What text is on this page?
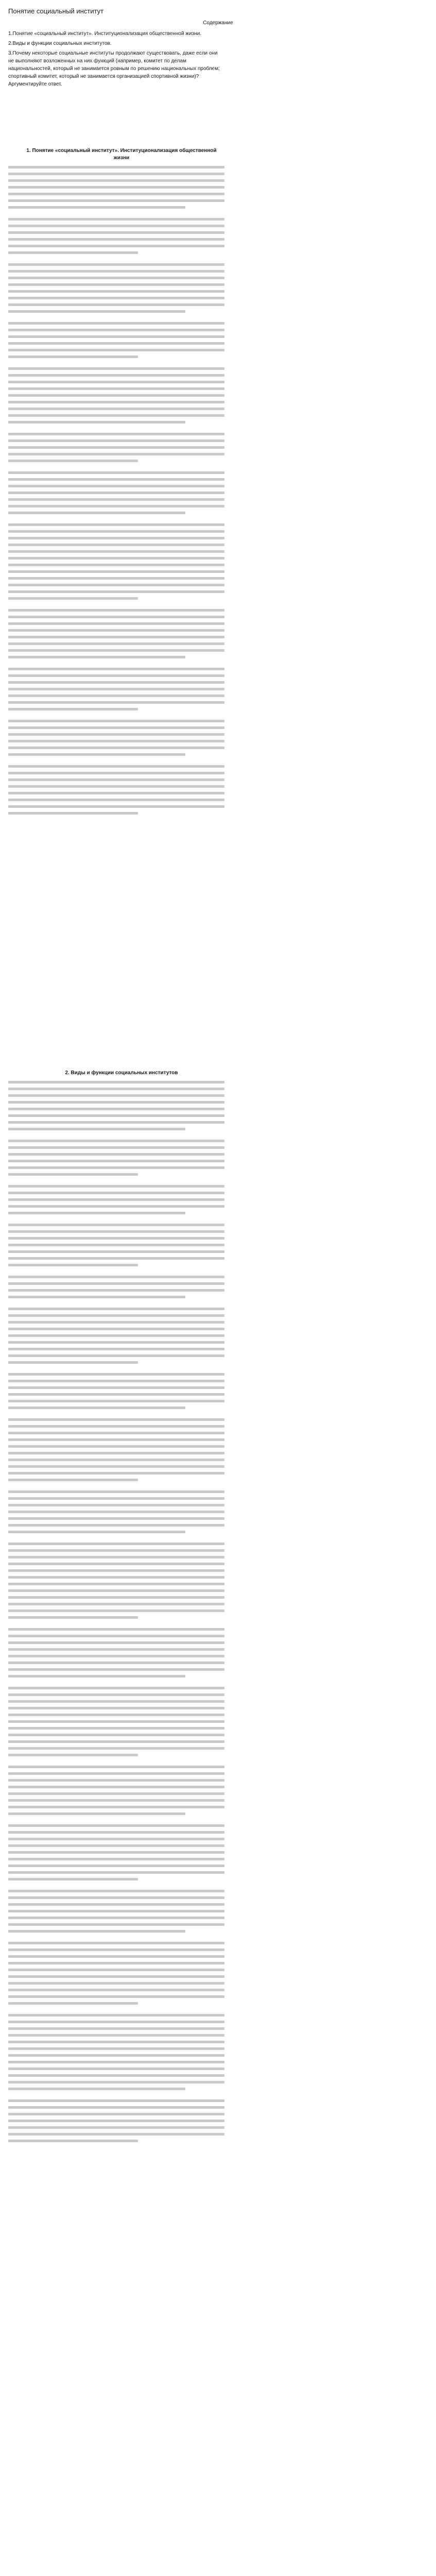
Понятие социальный институт
Содержание
1.Понятие «социальный институт». Институционализация общественной жизни.
2.Виды и функции социальных институтов.
3.Почему некоторые социальные институты продолжают существовать, даже если они не выполняют возложенных на них функций (например, комитет по делам национальностей, который не занимается ровным по решению национальных проблем; спортивный комитет, который не занимается организацией спортивной жизни)?Аргументируйте ответ.
1. Понятие «социальный институт». Институционализация общественной жизни
2. Виды и функции социальных институтов
